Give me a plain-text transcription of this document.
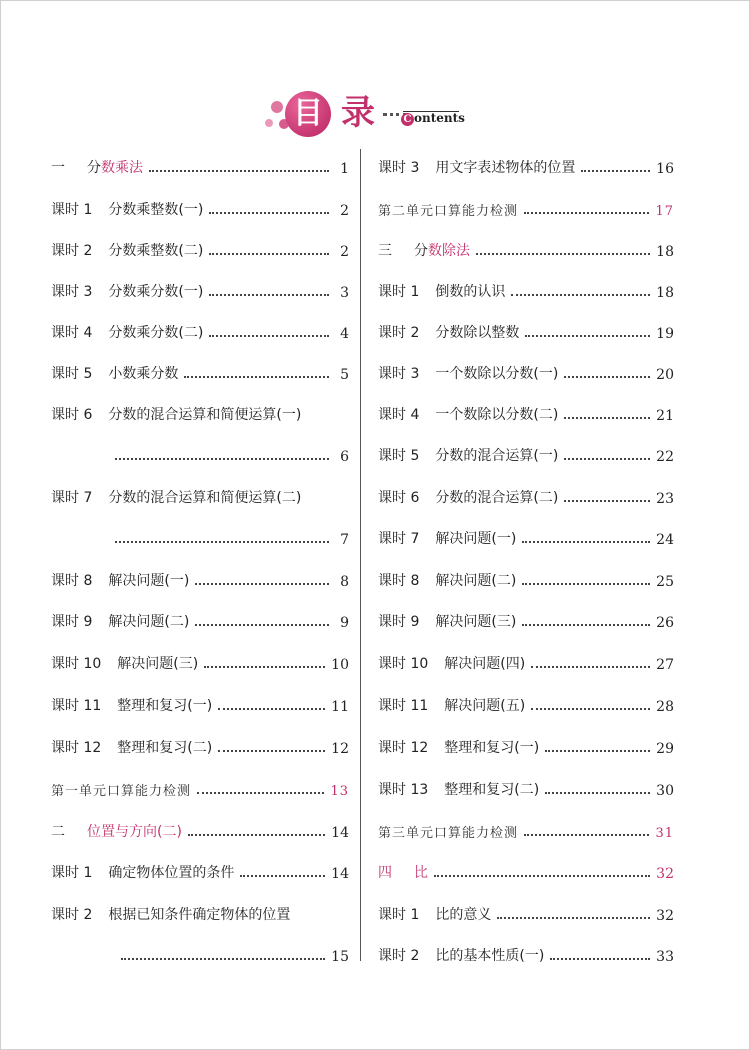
目 录	C ontents
一 分数乘法	1
课时 1 分数乘整数(一)	2
课时 2 分数乘整数(二)	2
课时 3 分数乘分数(一)	3
课时 4 分数乘分数(二)	4
课时 5 小数乘分数	5
课时 6 分数的混合运算和简便运算(一)
6
课时 7 分数的混合运算和简便运算(二)
7
课时 8 解决问题(一)	8
课时 9 解决问题(二)	9
课时 10 解决问题(三)	10
课时 11 整理和复习(一)	11
课时 12 整理和复习(二)	12
第一单元口算能力检测	13
二 位置与方向(二)	14
课时 1 确定物体位置的条件	14
课时 2 根据已知条件确定物体的位置
15
课时 3 用文字表述物体的位置	16
第二单元口算能力检测	17
三 分数除法	18
课时 1 倒数的认识	18
课时 2 分数除以整数	19
课时 3 一个数除以分数(一)	20
课时 4 一个数除以分数(二)	21
课时 5 分数的混合运算(一)	22
课时 6 分数的混合运算(二)	23
课时 7 解决问题(一)	24
课时 8 解决问题(二)	25
课时 9 解决问题(三)	26
课时 10 解决问题(四)	27
课时 11 解决问题(五)	28
课时 12 整理和复习(一)	29
课时 13 整理和复习(二)	30
第三单元口算能力检测	31
四 比	32
课时 1 比的意义	32
课时 2 比的基本性质(一)	33
